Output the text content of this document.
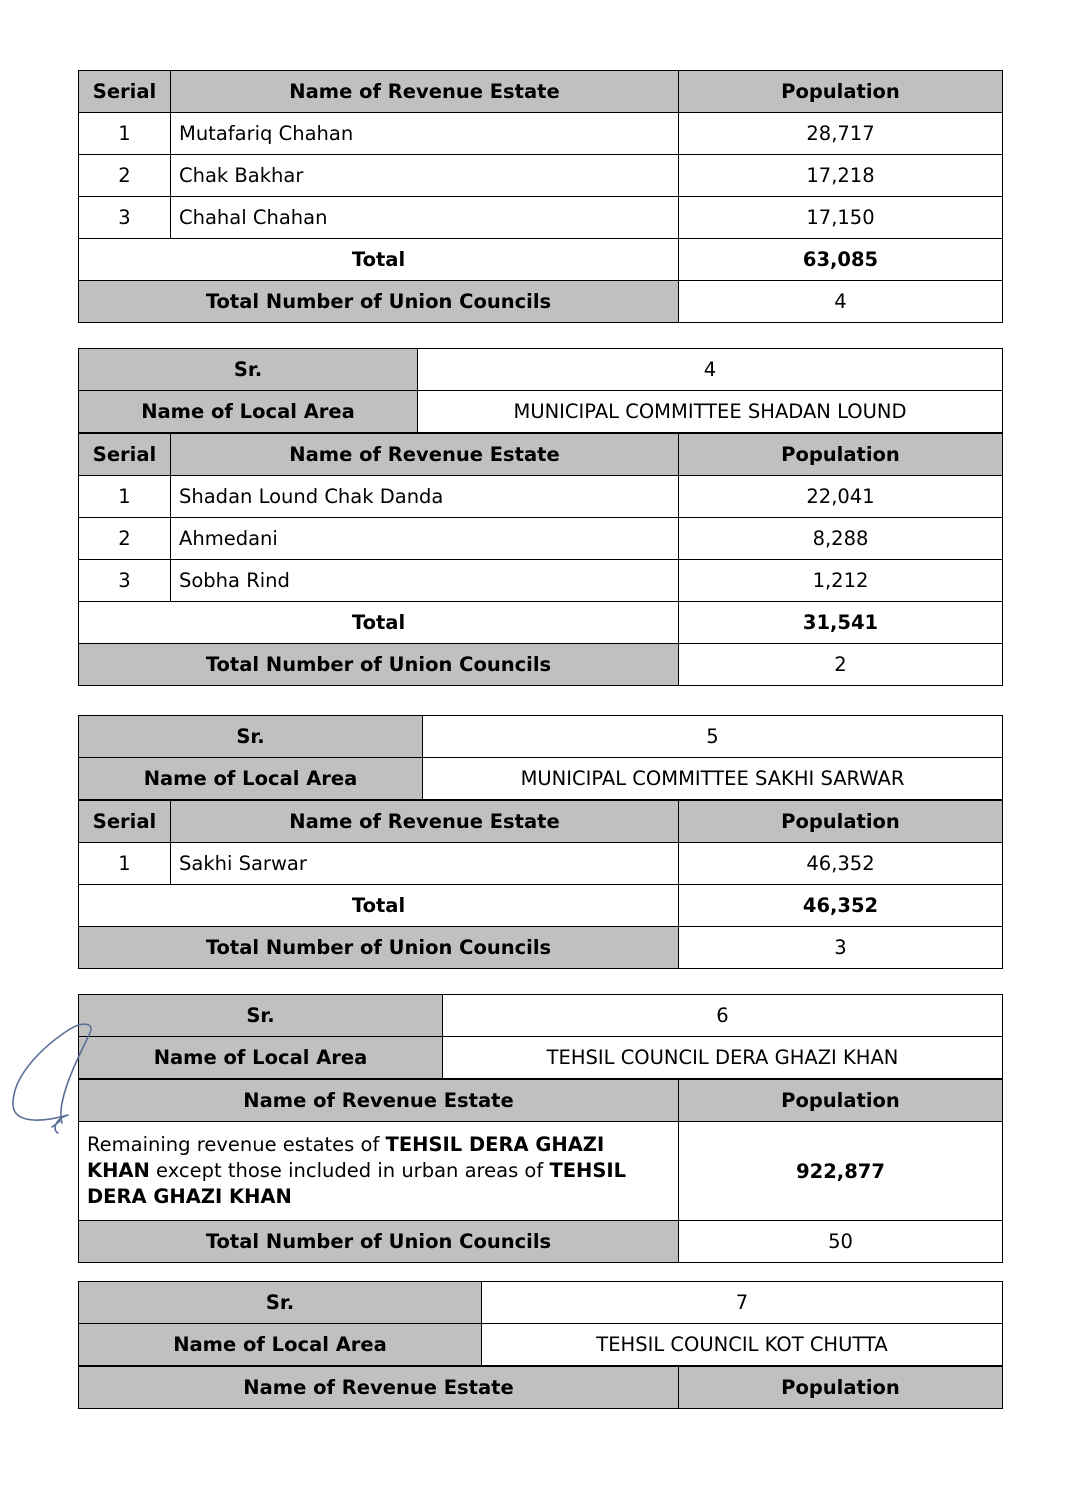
Serial	Name of Revenue Estate	Population
1	Mutafariq Chahan	28,717
2	Chak Bakhar	17,218
3	Chahal Chahan	17,150
Total		63,085
Total Number of Union Councils		4
Sr.	4
Name of Local Area	MUNICIPAL COMMITTEE SHADAN LOUND
Serial	Name of Revenue Estate	Population
1	Shadan Lound Chak Danda	22,041
2	Ahmedani	8,288
3	Sobha Rind	1,212
Total		31,541
Total Number of Union Councils		2
Sr.	5
Name of Local Area	MUNICIPAL COMMITTEE SAKHI SARWAR
Serial	Name of Revenue Estate	Population
1	Sakhi Sarwar	46,352
Total		46,352
Total Number of Union Councils		3
Sr.	6
Name of Local Area	TEHSIL COUNCIL DERA GHAZI KHAN
Name of Revenue Estate	Population
Remaining revenue estates of TEHSIL DERA GHAZI KHAN except those included in urban areas of TEHSIL DERA GHAZI KHAN	922,877
Total Number of Union Councils	50
Sr.	7
Name of Local Area	TEHSIL COUNCIL KOT CHUTTA
Name of Revenue Estate	Population
